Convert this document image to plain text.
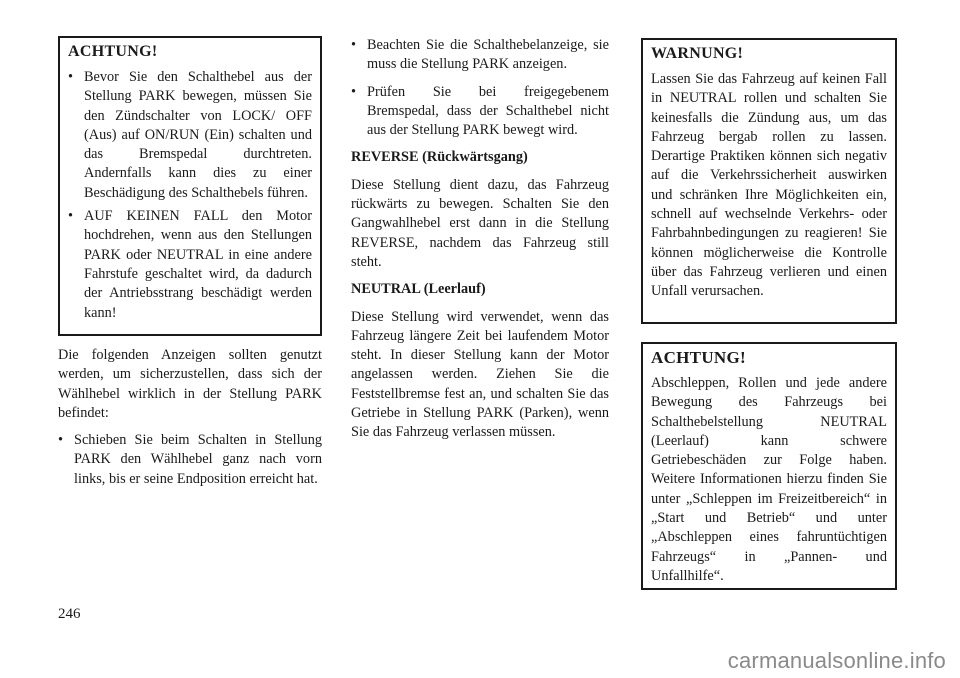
ACHTUNG!
• Bevor Sie den Schalthebel aus der Stellung PARK bewegen, müssen Sie den Zündschalter von LOCK/ OFF (Aus) auf ON/RUN (Ein) schalten und das Bremspedal durchtreten. Andernfalls kann dies zu einer Beschädigung des Schalthebels führen.
• AUF KEINEN FALL den Motor hochdrehen, wenn aus den Stellungen PARK oder NEUTRAL in eine andere Fahrstufe geschaltet wird, da dadurch der Antriebsstrang beschädigt werden kann!

Die folgenden Anzeigen sollten genutzt werden, um sicherzustellen, dass sich der Wählhebel wirklich in der Stellung PARK befindet:

• Schieben Sie beim Schalten in Stellung PARK den Wählhebel ganz nach vorn links, bis er seine Endposition erreicht hat.
• Beachten Sie die Schalthebelanzeige, sie muss die Stellung PARK anzeigen.
• Prüfen Sie bei freigegebenem Bremspedal, dass der Schalthebel nicht aus der Stellung PARK bewegt wird.
REVERSE (Rückwärtsgang)

Diese Stellung dient dazu, das Fahrzeug rückwärts zu bewegen. Schalten Sie den Gangwahlhebel erst dann in die Stellung REVERSE, nachdem das Fahrzeug still steht.

NEUTRAL (Leerlauf)

Diese Stellung wird verwendet, wenn das Fahrzeug längere Zeit bei laufendem Motor steht. In dieser Stellung kann der Motor angelassen werden. Ziehen Sie die Feststellbremse fest an, und schalten Sie das Getriebe in Stellung PARK (Parken), wenn Sie das Fahrzeug verlassen müssen.

WARNUNG!

Lassen Sie das Fahrzeug auf keinen Fall in NEUTRAL rollen und schalten Sie keinesfalls die Zündung aus, um das Fahrzeug bergab rollen zu lassen. Derartige Praktiken können sich negativ auf die Verkehrssicherheit auswirken und schränken Ihre Möglichkeiten ein, schnell auf wechselnde Verkehrs- oder Fahrbahnbedingungen zu reagieren! Sie können möglicherweise die Kontrolle über das Fahrzeug verlieren und einen Unfall verursachen.

ACHTUNG!

Abschleppen, Rollen und jede andere Bewegung des Fahrzeugs bei Schalthebelstellung NEUTRAL (Leerlauf) kann schwere Getriebeschäden zur Folge haben. Weitere Informationen hierzu finden Sie unter „Schleppen im Freizeitbereich“ in „Start und Betrieb“ und unter „Abschleppen eines fahruntüchtigen Fahrzeugs“ in „Pannen- und Unfallhilfe“.

246
carmanualsonline.info
